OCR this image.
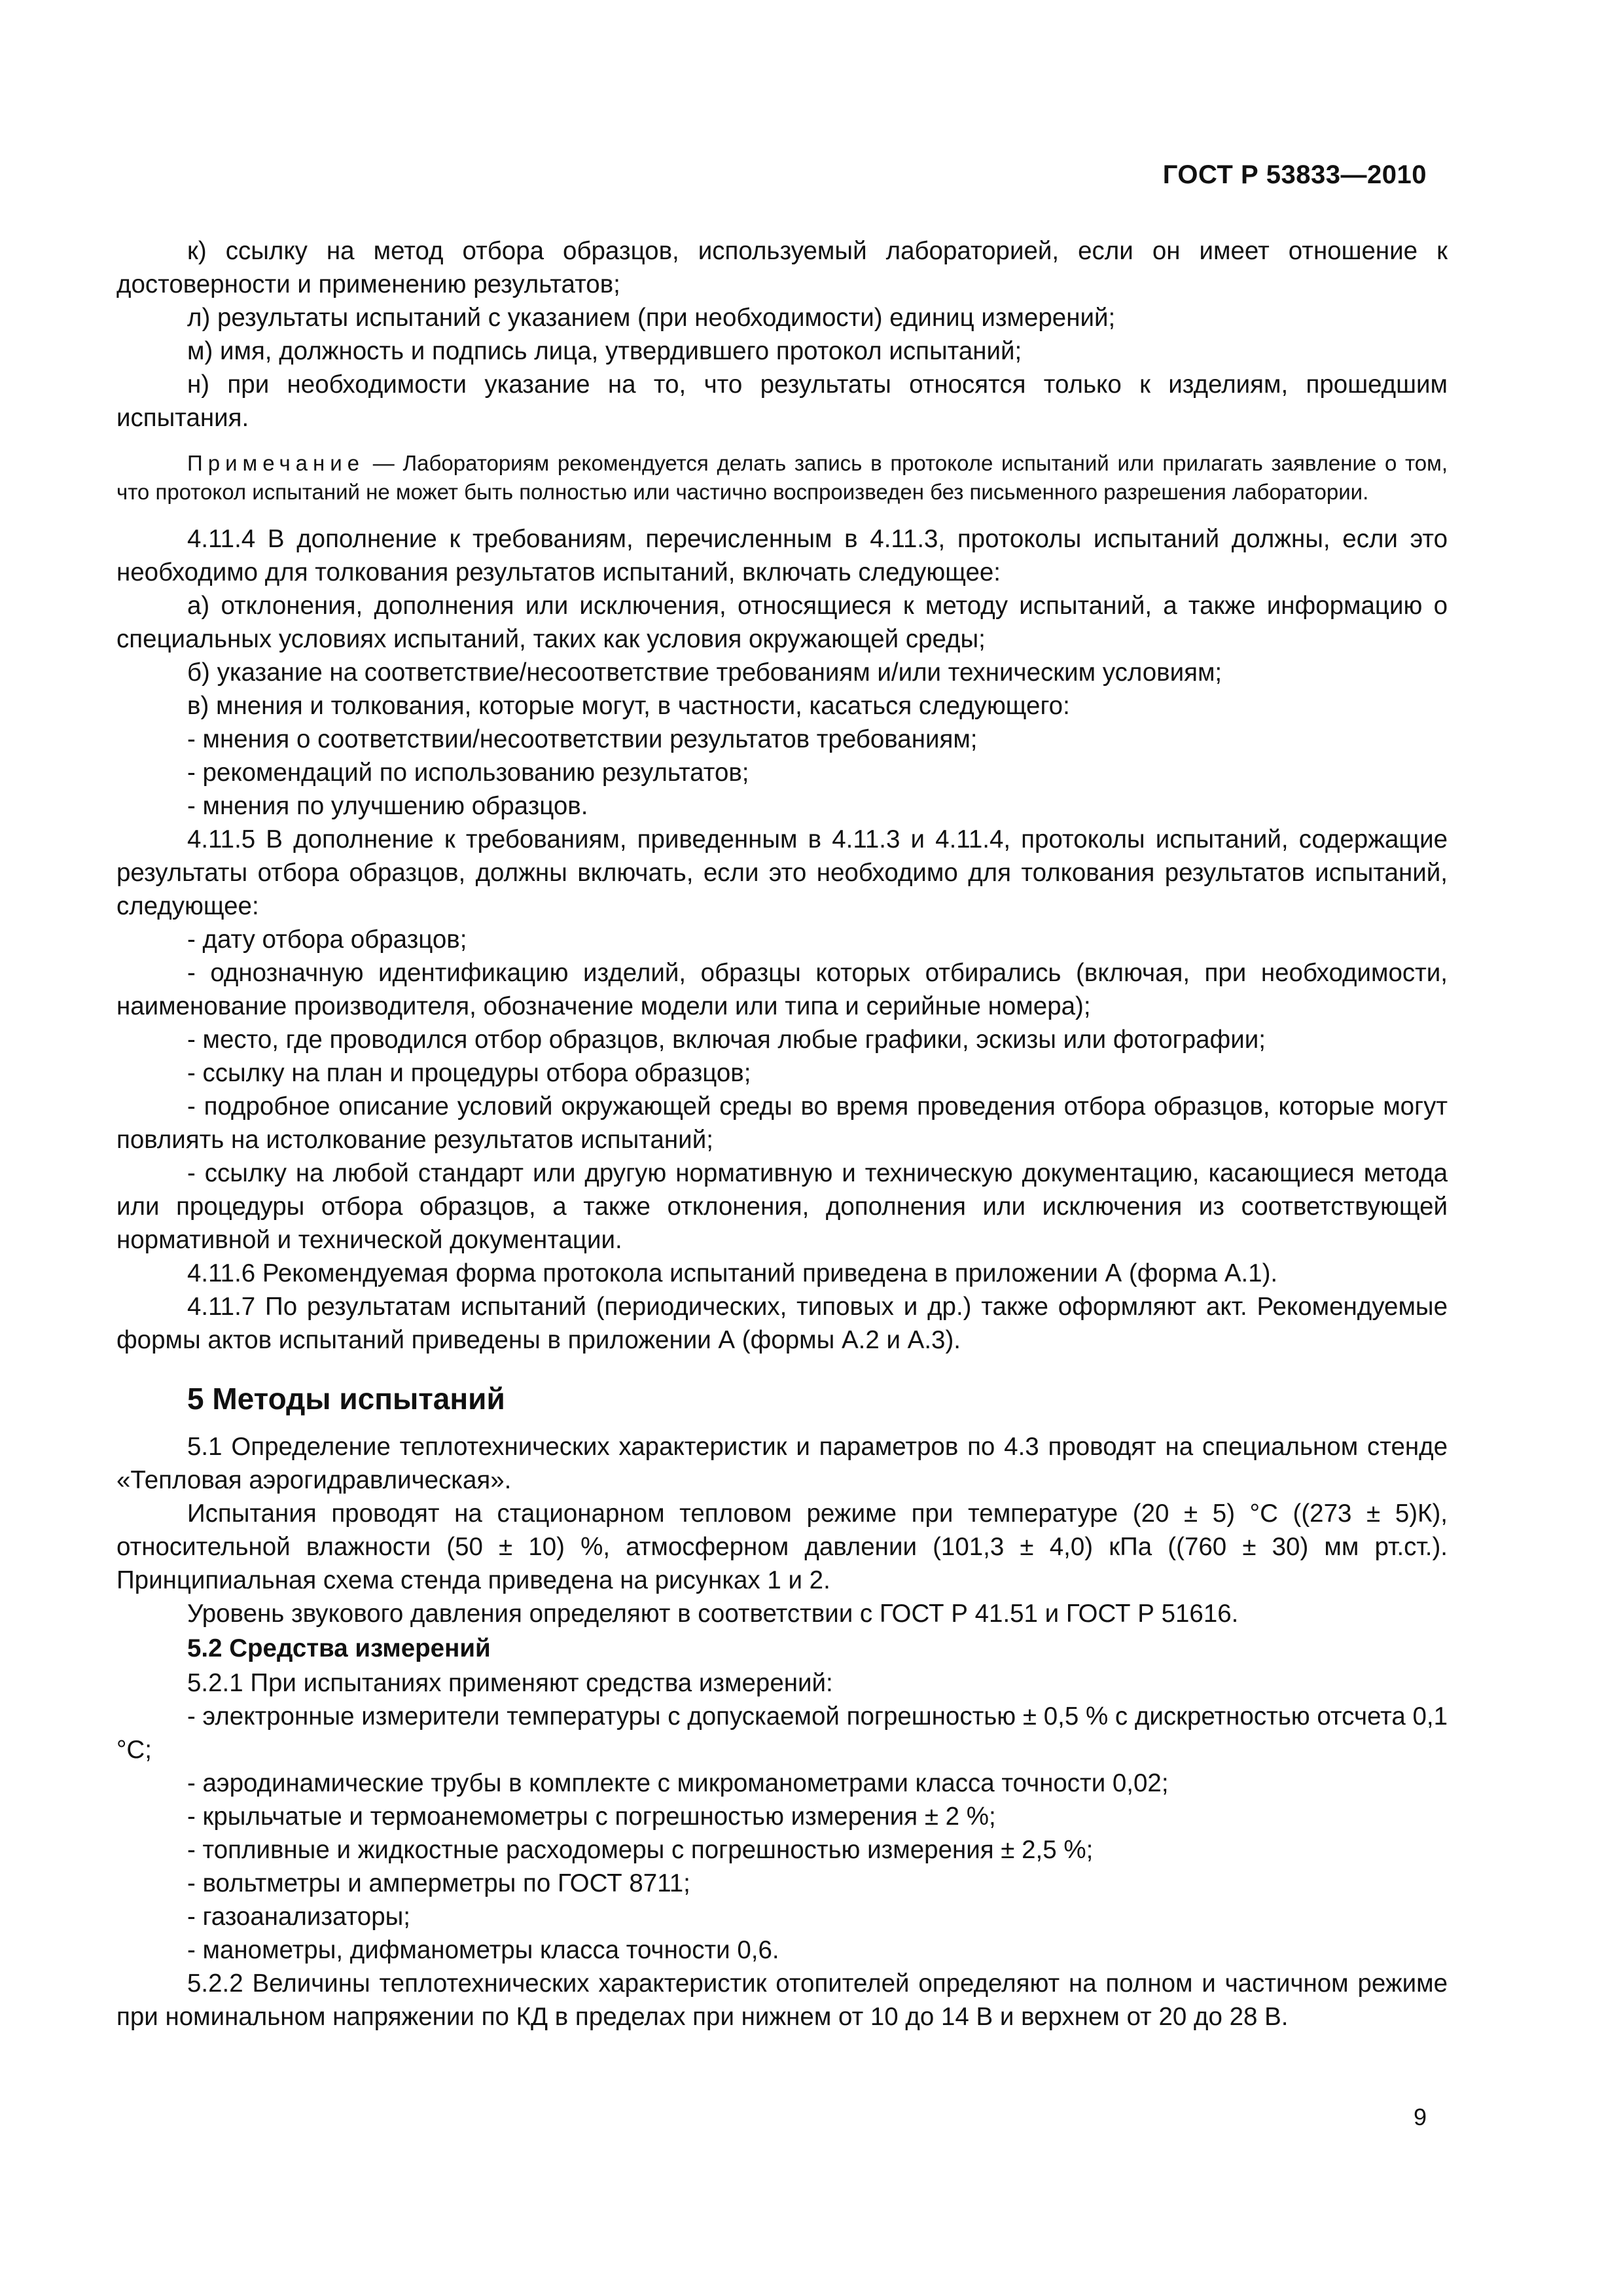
ГОСТ Р 53833—2010

к) ссылку на метод отбора образцов, используемый лабораторией, если он имеет отношение к достоверности и применению результатов;

л) результаты испытаний с указанием (при необходимости) единиц измерений;

м) имя, должность и подпись лица, утвердившего протокол испытаний;

н) при необходимости указание на то, что результаты относятся только к изделиям, прошедшим испытания.

Примечание — Лабораториям рекомендуется делать запись в протоколе испытаний или прилагать заявление о том, что протокол испытаний не может быть полностью или частично воспроизведен без письменного разрешения лаборатории.

4.11.4 В дополнение к требованиям, перечисленным в 4.11.3, протоколы испытаний должны, если это необходимо для толкования результатов испытаний, включать следующее:

а) отклонения, дополнения или исключения, относящиеся к методу испытаний, а также информацию о специальных условиях испытаний, таких как условия окружающей среды;

б) указание на соответствие/несоответствие требованиям и/или техническим условиям;

в) мнения и толкования, которые могут, в частности, касаться следующего:

- мнения о соответствии/несоответствии результатов требованиям;

- рекомендаций по использованию результатов;

- мнения по улучшению образцов.

4.11.5 В дополнение к требованиям, приведенным в 4.11.3 и 4.11.4, протоколы испытаний, содержащие результаты отбора образцов, должны включать, если это необходимо для толкования результатов испытаний, следующее:

- дату отбора образцов;

- однозначную идентификацию изделий, образцы которых отбирались (включая, при необходимости, наименование производителя, обозначение модели или типа и серийные номера);

- место, где проводился отбор образцов, включая любые графики, эскизы или фотографии;

- ссылку на план и процедуры отбора образцов;

- подробное описание условий окружающей среды во время проведения отбора образцов, которые могут повлиять на истолкование результатов испытаний;

- ссылку на любой стандарт или другую нормативную и техническую документацию, касающиеся метода или процедуры отбора образцов, а также отклонения, дополнения или исключения из соответствующей нормативной и технической документации.

4.11.6 Рекомендуемая форма протокола испытаний приведена в приложении А (форма А.1).

4.11.7 По результатам испытаний (периодических, типовых и др.) также оформляют акт. Рекомендуемые формы актов испытаний приведены в приложении А (формы А.2 и А.3).

5 Методы испытаний

5.1 Определение теплотехнических характеристик и параметров по 4.3 проводят на специальном стенде «Тепловая аэрогидравлическая».

Испытания проводят на стационарном тепловом режиме при температуре (20 ± 5) °С ((273 ± 5)К), относительной влажности (50 ± 10) %, атмосферном давлении (101,3 ± 4,0) кПа ((760 ± 30) мм рт.ст.). Принципиальная схема стенда приведена на рисунках 1 и 2.

Уровень звукового давления определяют в соответствии с ГОСТ Р 41.51 и ГОСТ Р 51616.

5.2 Средства измерений

5.2.1 При испытаниях применяют средства измерений:

- электронные измерители температуры с допускаемой погрешностью ± 0,5 % с дискретностью отсчета 0,1 °С;

- аэродинамические трубы в комплекте с микроманометрами класса точности 0,02;

- крыльчатые и термоанемометры с погрешностью измерения ± 2 %;

- топливные и жидкостные расходомеры с погрешностью измерения ± 2,5 %;

- вольтметры и амперметры по ГОСТ 8711;

- газоанализаторы;

- манометры, дифманометры класса точности 0,6.

5.2.2 Величины теплотехнических характеристик отопителей определяют на полном и частичном режиме при номинальном напряжении по КД в пределах при нижнем от 10 до 14 В и верхнем от 20 до 28 В.

9
